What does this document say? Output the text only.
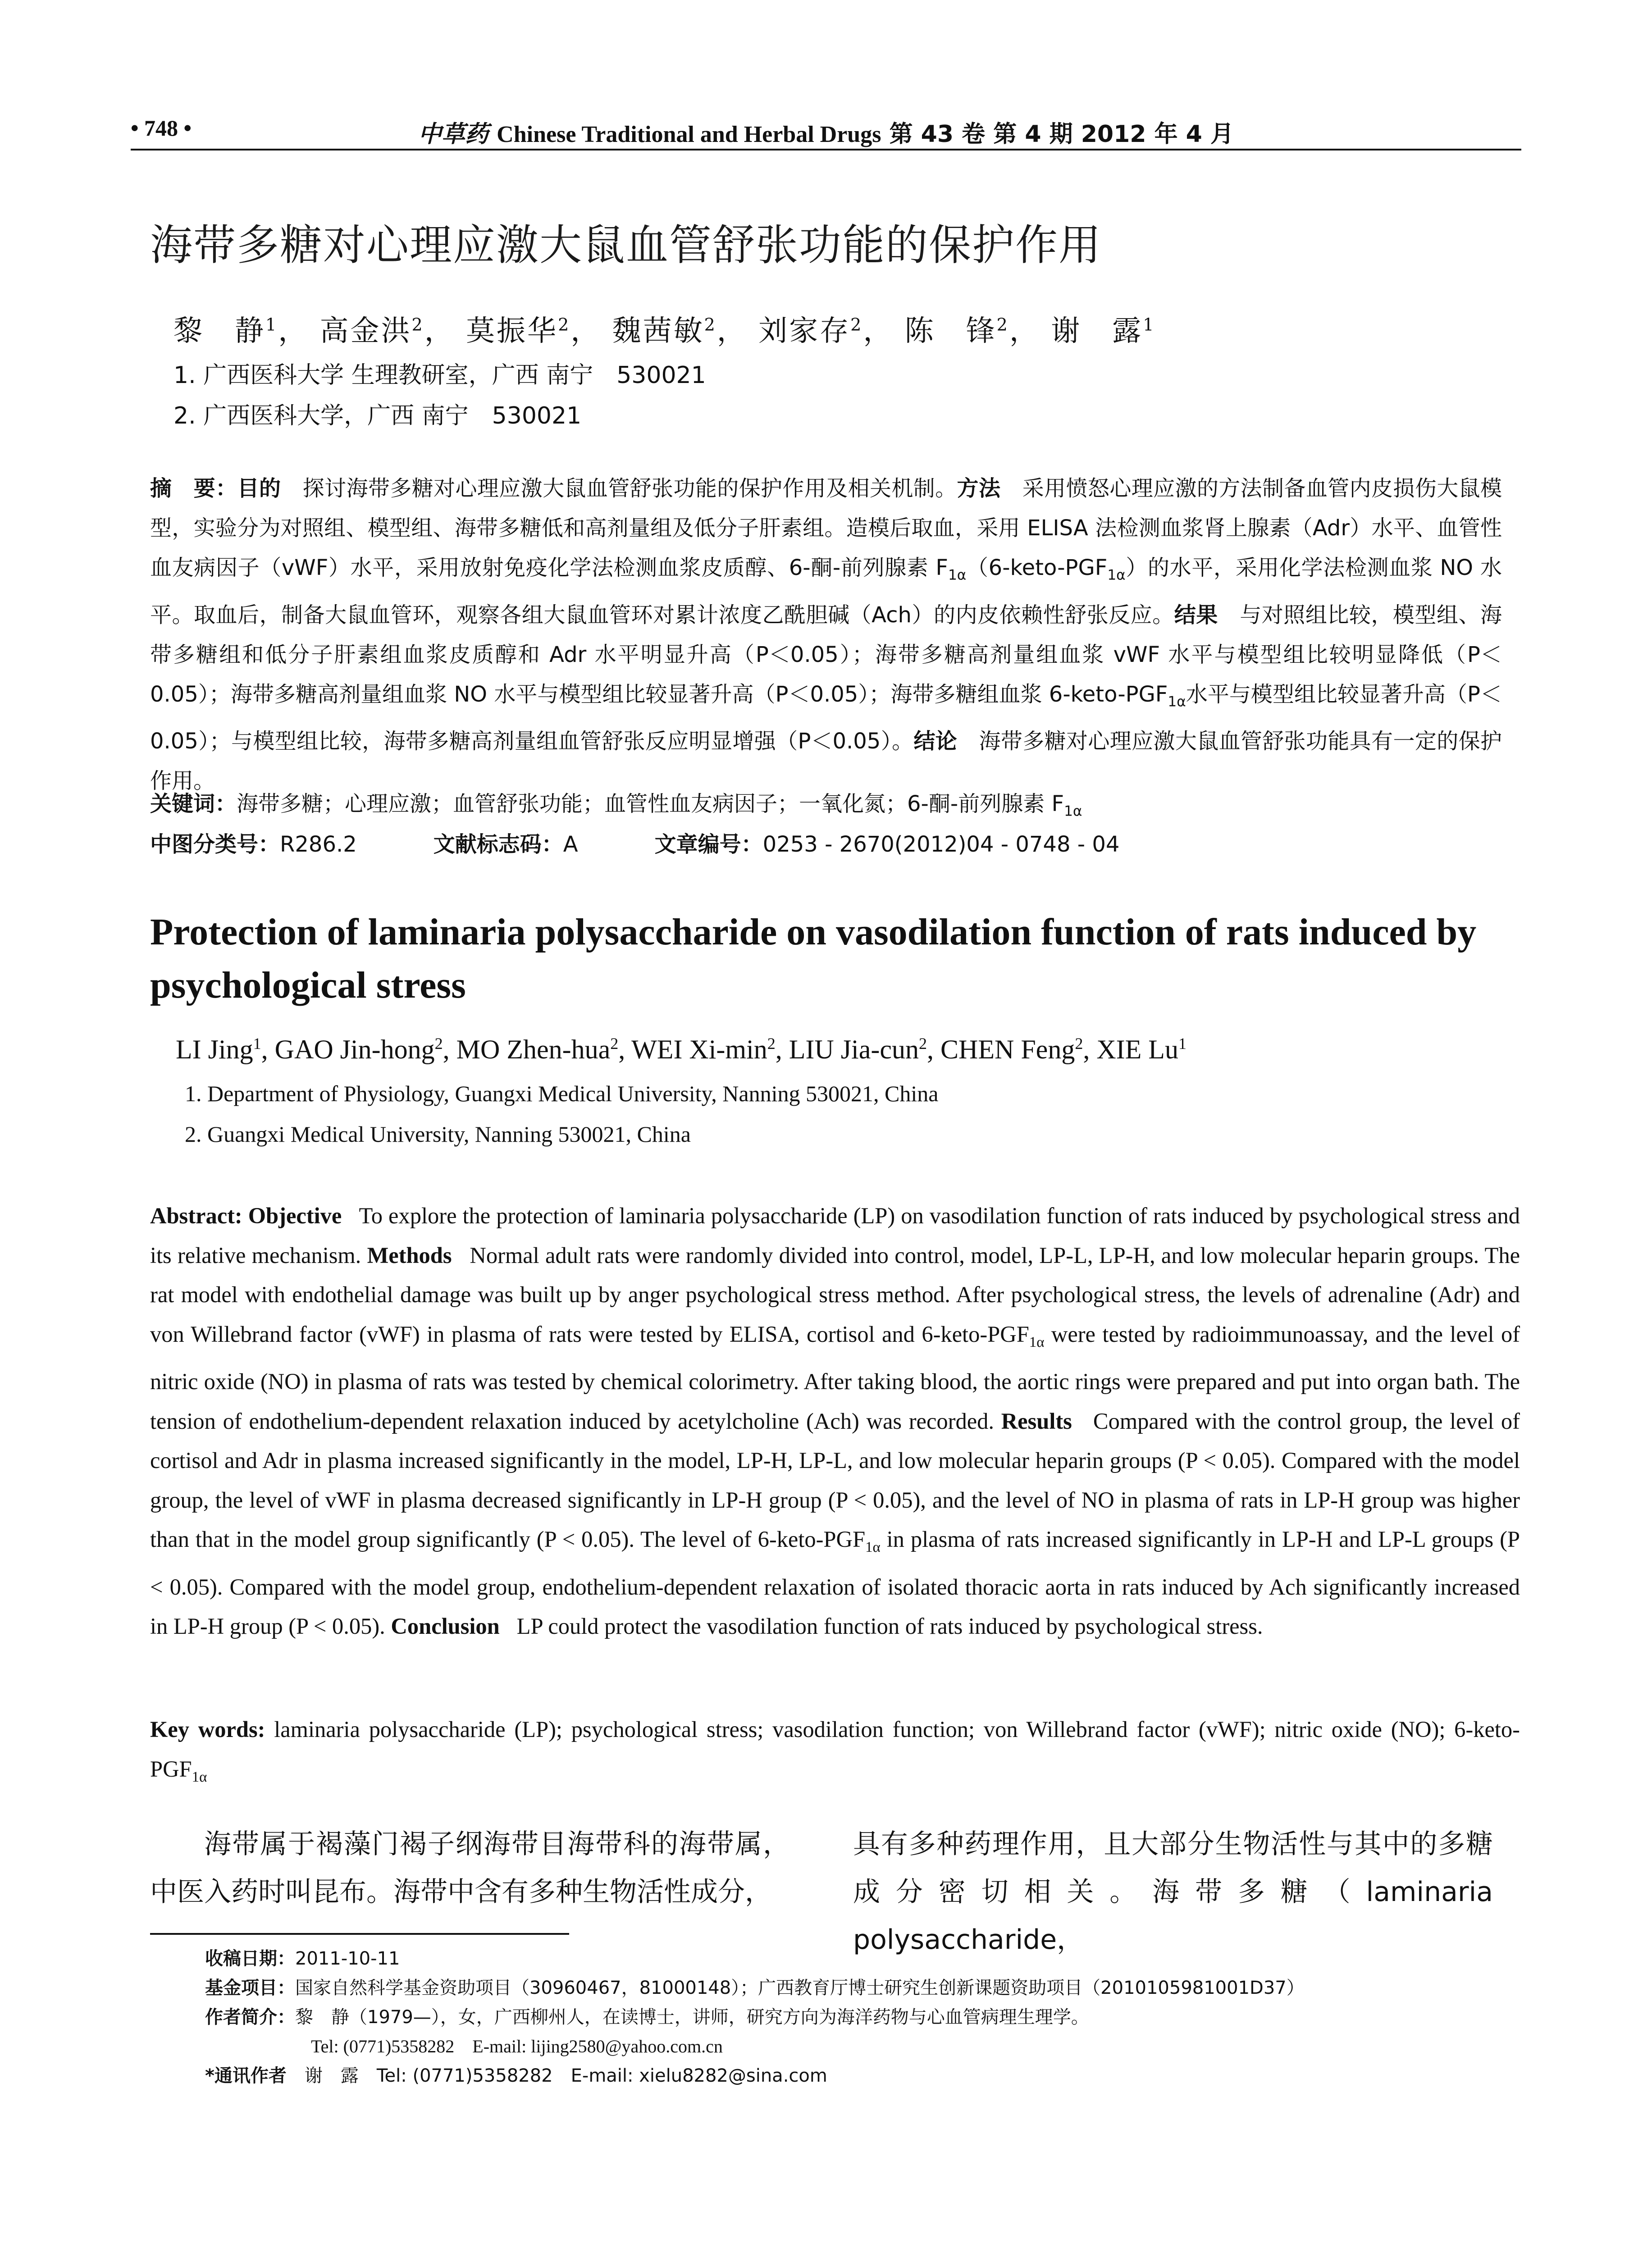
• 748 •	中草药 Chinese Traditional and Herbal Drugs 第 43 卷 第 4 期 2012 年 4 月
海带多糖对心理应激大鼠血管舒张功能的保护作用
黎　静$^1$， 高金洪$^2$， 莫振华$^2$， 魏茜敏$^2$， 刘家存$^2$， 陈　锋$^2$， 谢　露$^1$
1. 广西医科大学 生理教研室，广西 南宁　530021
2. 广西医科大学，广西 南宁　530021
摘　要：目的　 探讨海带多糖对心理应激大鼠血管舒张功能的保护作用及相关机制。方法　 采用愤怒心理应激的方法制备血管内皮损伤大鼠模型，实验分为对照组、模型组、海带多糖低和高剂量组及低分子肝素组。造模后取血，采用 ELISA 法检测血浆肾上腺素（Adr）水平、血管性血友病因子（vWF）水平，采用放射免疫化学法检测血浆皮质醇、6-酮-前列腺素 $F_{1\alpha}(6-keto-PGF_{1\alpha})$的水平，采用化学法检测血浆 NO 水平。取血后，制备大鼠血管环，观察各组大鼠血管环对累计浓度乙酰胆碱（Ach）的内皮依赖性舒张反应。结果　 与对照组比较，模型组、海带多糖组和低分子肝素组血浆皮质醇和 Adr 水平明显升高（P＜0.05）；海带多糖高剂量组血浆 vWF 水平与模型组比较明显降低（P＜0.05）；海带多糖高剂量组血浆 NO 水平与模型组比较显著升高（P＜0.05）；海带多糖组血浆 $6-keto-PGF_{1\alpha}$水平与模型组比较显著升高（P＜0.05）；与模型组比较，海带多糖高剂量组血管舒张反应明显增强（P＜0.05）。结论　 海带多糖对心理应激大鼠血管舒张功能具有一定的保护作用。
关键词：海带多糖；心理应激；血管舒张功能；血管性血友病因子；一氧化氮；6-酮-前列腺素 $F_{1\alpha}$
中图分类号：R286.2	文献标志码：A	文章编号：0253 - 2670(2012)04 - 0748 - 04
Protection of laminaria polysaccharide on vasodilation function of rats induced by psychological stress
LI Jing$^1$, GAO Jin-hong$^2$, MO Zhen-hua$^2$, WEI $Xi-\min^2$, LIU Jia-cun$^2$, CHEN Feng$^2$, XIE Lu$^1$
1. Department of Physiology, Guangxi Medical University, Nanning 530021, China
2. Guangxi Medical University, Nanning 530021, China
Abstract: Objective To explore the protection of laminaria polysaccharide (LP) on vasodilation function of rats induced by psychological stress and its relative mechanism. Methods Normal adult rats were randomly divided into control, model, LP-L, LP-H, and low molecular heparin groups. The rat model with endothelial damage was built up by anger psychological stress method. After psychological stress, the levels of adrenaline (Adr) and von Willebrand factor (vWF) in plasma of rats were tested by ELISA, cortisol and $6-keto-PGF_{1\alpha}$ were tested by radioimmunoassay, and the level of nitric oxide (NO) in plasma of rats was tested by chemical colorimetry. After taking blood, the aortic rings were prepared and put into organ bath. The tension of endothelium-dependent relaxation induced by acetylcholine (Ach) was recorded. Results Compared with the control group, the level of cortisol and Adr in plasma increased significantly in the model, LP-H, LP-L, and low molecular heparin groups (P < 0.05). Compared with the model group, the level of vWF in plasma decreased significantly in LP-H group (P < 0.05), and the level of NO in plasma of rats in LP-H group was higher than that in the model group significantly (P < 0.05). The level of $6-keto-PGF_{1\alpha}$ in plasma of rats increased significantly in LP-H and LP-L groups (P < 0.05). Compared with the model group, endothelium-dependent relaxation of isolated thoracic aorta in rats induced by Ach significantly increased in LP-H group (P < 0.05). Conclusion LP could protect the vasodilation function of rats induced by psychological stress.
Key words: laminaria polysaccharide (LP); psychological stress; vasodilation function; von Willebrand factor (vWF); nitric oxide (NO); $6-keto-PGF_{1\alpha}$
海带属于褐藻门褐子纲海带目海带科的海带属，中医入药时叫昆布。海带中含有多种生物活性成分，
具有多种药理作用，且大部分生物活性与其中的多糖成分密切相关。海带多糖（laminaria polysaccharide，
收稿日期：2011-10-11
基金项目：国家自然科学基金资助项目（30960467，81000148）；广西教育厅博士研究生创新课题资助项目（2010105981001D37）
作者简介：黎　静（1979—），女，广西柳州人，在读博士，讲师，研究方向为海洋药物与心血管病理生理学。
Tel: (0771)5358282　E-mail: lijing2580@yahoo.com.cn
*通讯作者　 谢　露　Tel: (0771)5358282　E-mail: xielu8282@sina.com
